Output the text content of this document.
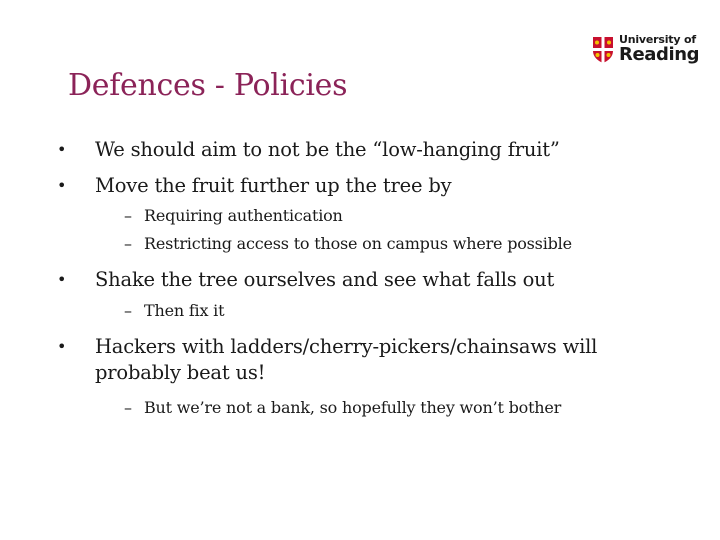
University of
Reading
Defences - Policies
• We should aim to not be the “low-hanging fruit”
• Move the fruit further up the tree by
– Requiring authentication
– Restricting access to those on campus where possible
• Shake the tree ourselves and see what falls out
– Then fix it
• Hackers with ladders/cherry-pickers/chainsaws will probably beat us!
– But we’re not a bank, so hopefully they won’t bother
